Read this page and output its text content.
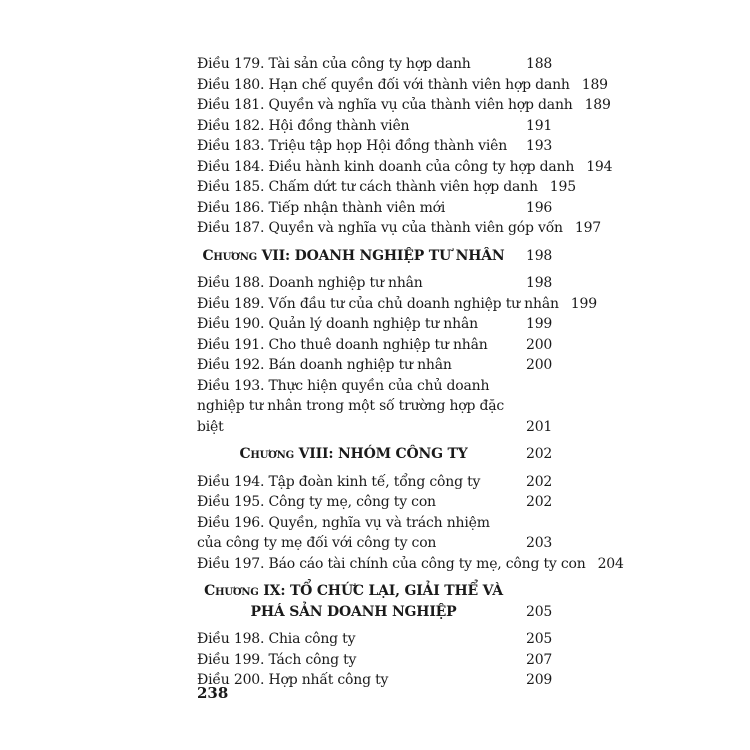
Điều 179. Tài sản của công ty hợp danh	188
Điều 180. Hạn chế quyền đối với thành viên hợp danh 189
Điều 181. Quyền và nghĩa vụ của thành viên hợp danh 189
Điều 182. Hội đồng thành viên	191
Điều 183. Triệu tập họp Hội đồng thành viên	193
Điều 184. Điều hành kinh doanh của công ty hợp danh 194
Điều 185. Chấm dứt tư cách thành viên hợp danh 195
Điều 186. Tiếp nhận thành viên mới	196
Điều 187. Quyền và nghĩa vụ của thành viên góp vốn 197
Chương VII: DOANH NGHIỆP TƯ NHÂN	198
Điều 188. Doanh nghiệp tư nhân	198
Điều 189. Vốn đầu tư của chủ doanh nghiệp tư nhân 199
Điều 190. Quản lý doanh nghiệp tư nhân	199
Điều 191. Cho thuê doanh nghiệp tư nhân	200
Điều 192. Bán doanh nghiệp tư nhân	200
Điều 193. Thực hiện quyền của chủ doanh nghiệp tư nhân trong một số trường hợp đặc biệt	201
Chương VIII: NHÓM CÔNG TY	202
Điều 194. Tập đoàn kinh tế, tổng công ty	202
Điều 195. Công ty mẹ, công ty con	202
Điều 196. Quyền, nghĩa vụ và trách nhiệm của công ty mẹ đối với công ty con	203
Điều 197. Báo cáo tài chính của công ty mẹ, công ty con 204
Chương IX: TỔ CHỨC LẠI, GIẢI THỂ VÀ PHÁ SẢN DOANH NGHIỆP	205
Điều 198. Chia công ty	205
Điều 199. Tách công ty	207
Điều 200. Hợp nhất công ty	209
238
